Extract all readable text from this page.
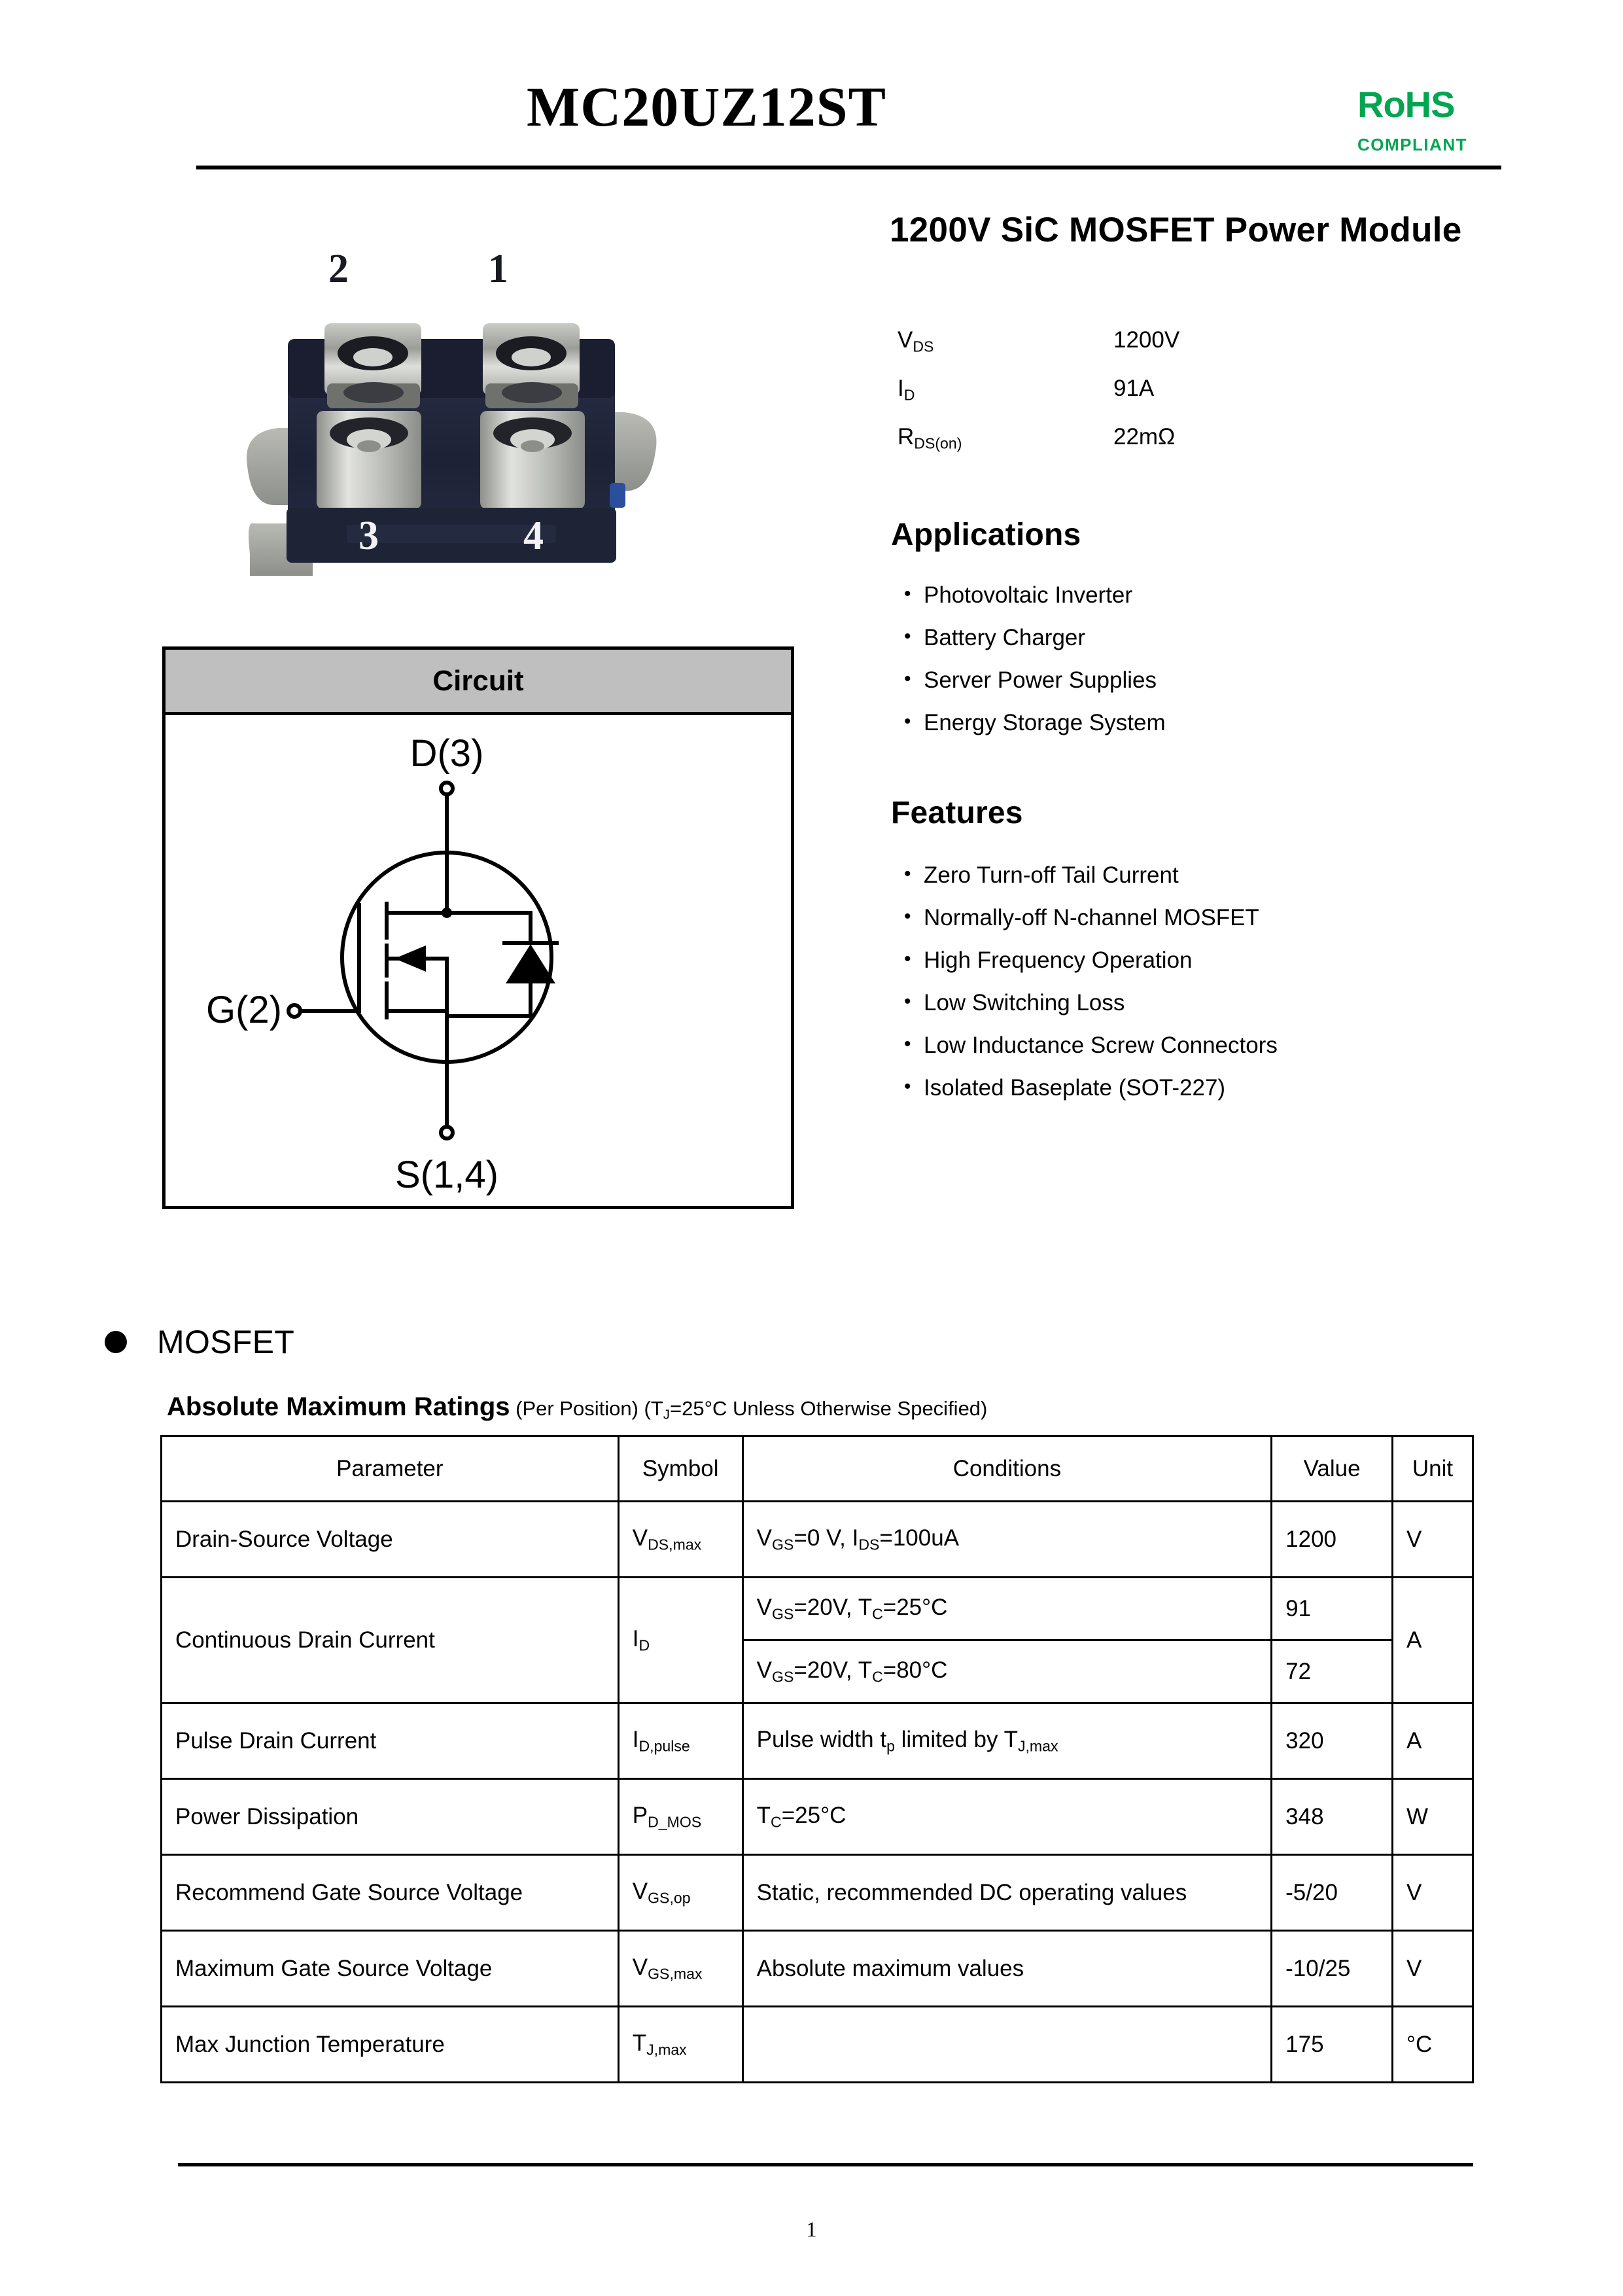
MC20UZ12ST	RoHS
COMPLIANT
1200V SiC MOSFET Power Module
$V_{DS}$	1200V
$I_D$	91A
$R_{DS(on)}$	22mΩ
Applications
• Photovoltaic Inverter
• Battery Charger
• Server Power Supplies
• Energy Storage System
Features
• Zero Turn-off Tail Current
• Normally-off N-channel MOSFET
• High Frequency Operation
• Low Switching Loss
• Low Inductance Screw Connectors
• Isolated Baseplate (SOT-227)
2	1
3	4
Circuit
D(3)
G(2)
S(1,4)
MOSFET
Absolute Maximum Ratings (Per Position) ($T_J=25^\circ C$ Unless Otherwise Specified)
Parameter	Symbol	Conditions	Value	Unit
Drain-Source Voltage	$V_{DS,max}$	$V_{GS}=0$ V, $I_{DS}=100uA$	1200	V
Continuous Drain Current	$I_D$	$V_{GS}=20V$, $T_C=25^\circ C$	91	A
		$V_{GS}=20V$, $T_C=80^\circ C$	72	
Pulse Drain Current	$I_{D,pulse}$	Pulse width $t_p$ limited by $T_{J,max}$	320	A
Power Dissipation	$P_{D\_MOS}$	$T_C=25^\circ C$	348	W
Recommend Gate Source Voltage	$V_{GS,op}$	Static, recommended DC operating values	-5/20	V
Maximum Gate Source Voltage	$V_{GS,max}$	Absolute maximum values	-10/25	V
Max Junction Temperature	$T_{J,max}$		175	°C
1
